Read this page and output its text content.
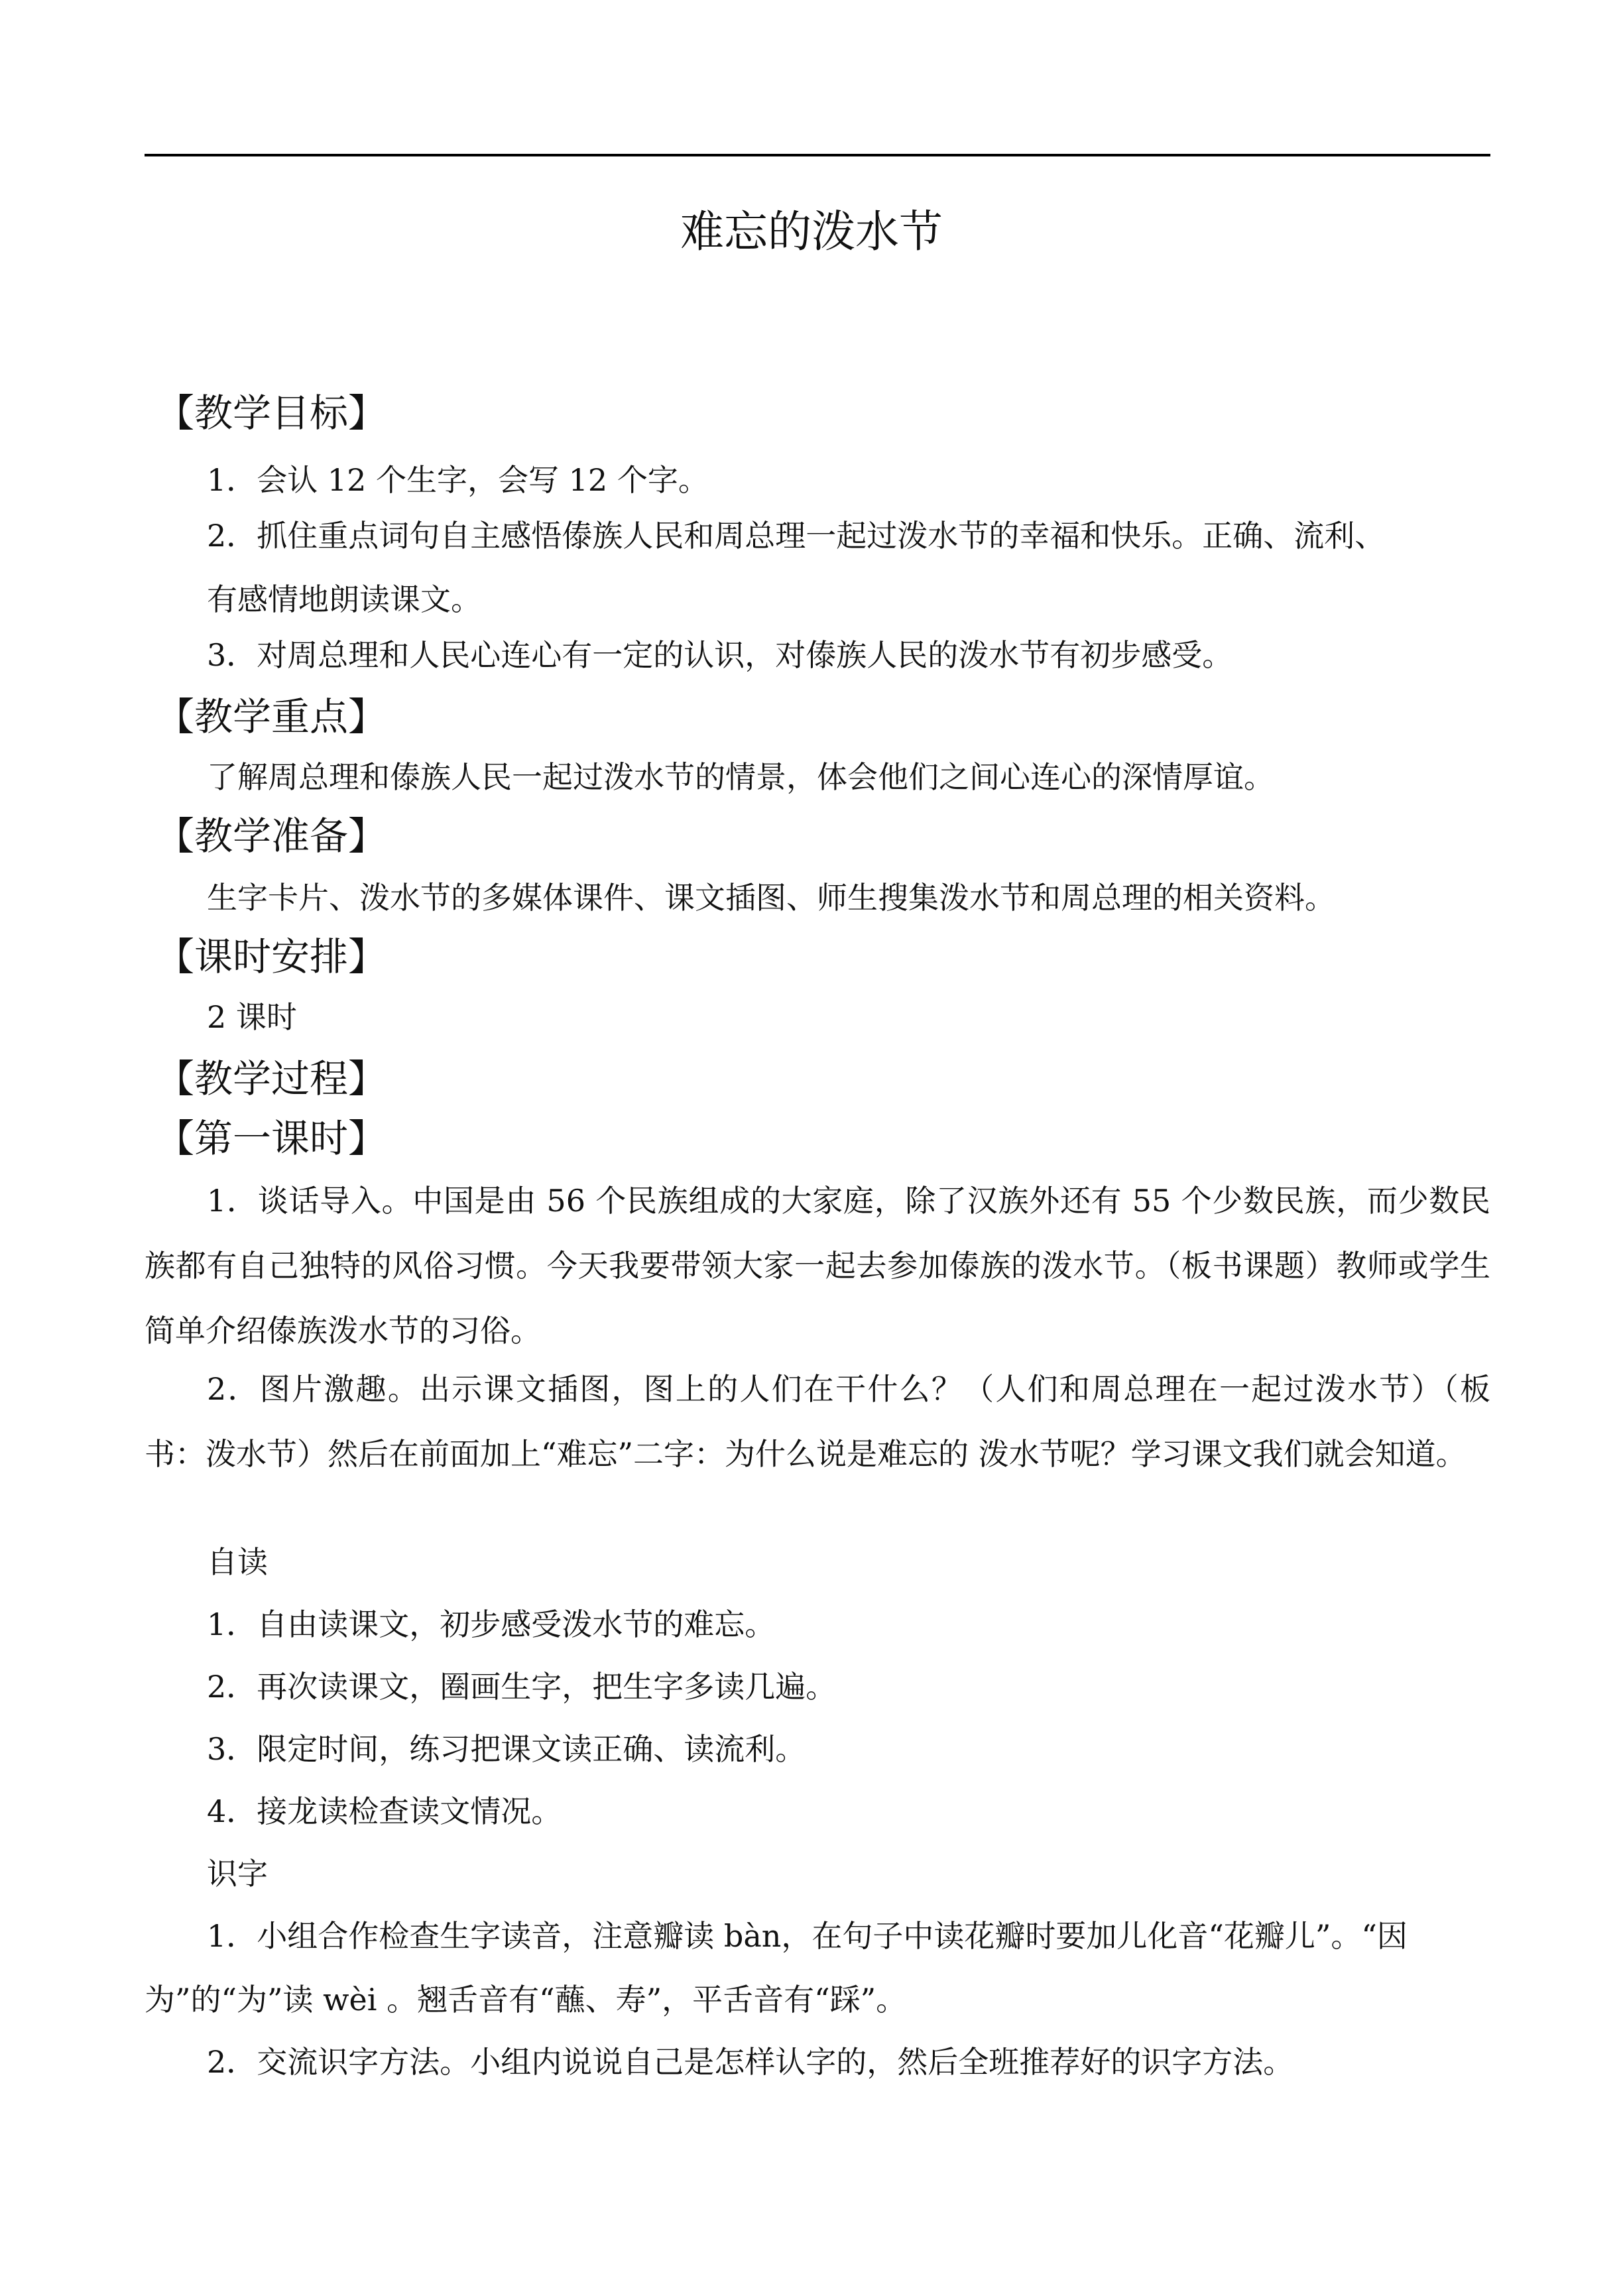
难忘的泼水节
【教学目标】
1．会认 12 个生字，会写 12 个字。
2．抓住重点词句自主感悟傣族人民和周总理一起过泼水节的幸福和快乐。正确、流利、
有感情地朗读课文。
3．对周总理和人民心连心有一定的认识，对傣族人民的泼水节有初步感受。
【教学重点】
了解周总理和傣族人民一起过泼水节的情景，体会他们之间心连心的深情厚谊。
【教学准备】
生字卡片、泼水节的多媒体课件、课文插图、师生搜集泼水节和周总理的相关资料。
【课时安排】
2 课时
【教学过程】
【第一课时】

1．谈话导入。中国是由 56 个民族组成的大家庭，除了汉族外还有 55 个少数民族，而少数民族都有自己独特的风俗习惯。今天我要带领大家一起去参加傣族的泼水节。（板书课题）教师或学生简单介绍傣族泼水节的习俗。

2．图片激趣。出示课文插图，图上的人们在干什么？（人们和周总理在一起过泼水节）（板书：泼水节）然后在前面加上“难忘”二字：为什么说是难忘的 泼水节呢？学习课文我们就会知道。

自读
1．自由读课文，初步感受泼水节的难忘。
2．再次读课文，圈画生字，把生字多读几遍。
3．限定时间，练习把课文读正确、读流利。
4．接龙读检查读文情况。
识字
1．小组合作检查生字读音，注意瓣读 bàn，在句子中读花瓣时要加儿化音“花瓣儿”。“因
为”的“为”读 wèi 。翘舌音有“蘸、寿”，平舌音有“踩”。
2．交流识字方法。小组内说说自己是怎样认字的，然后全班推荐好的识字方法。
